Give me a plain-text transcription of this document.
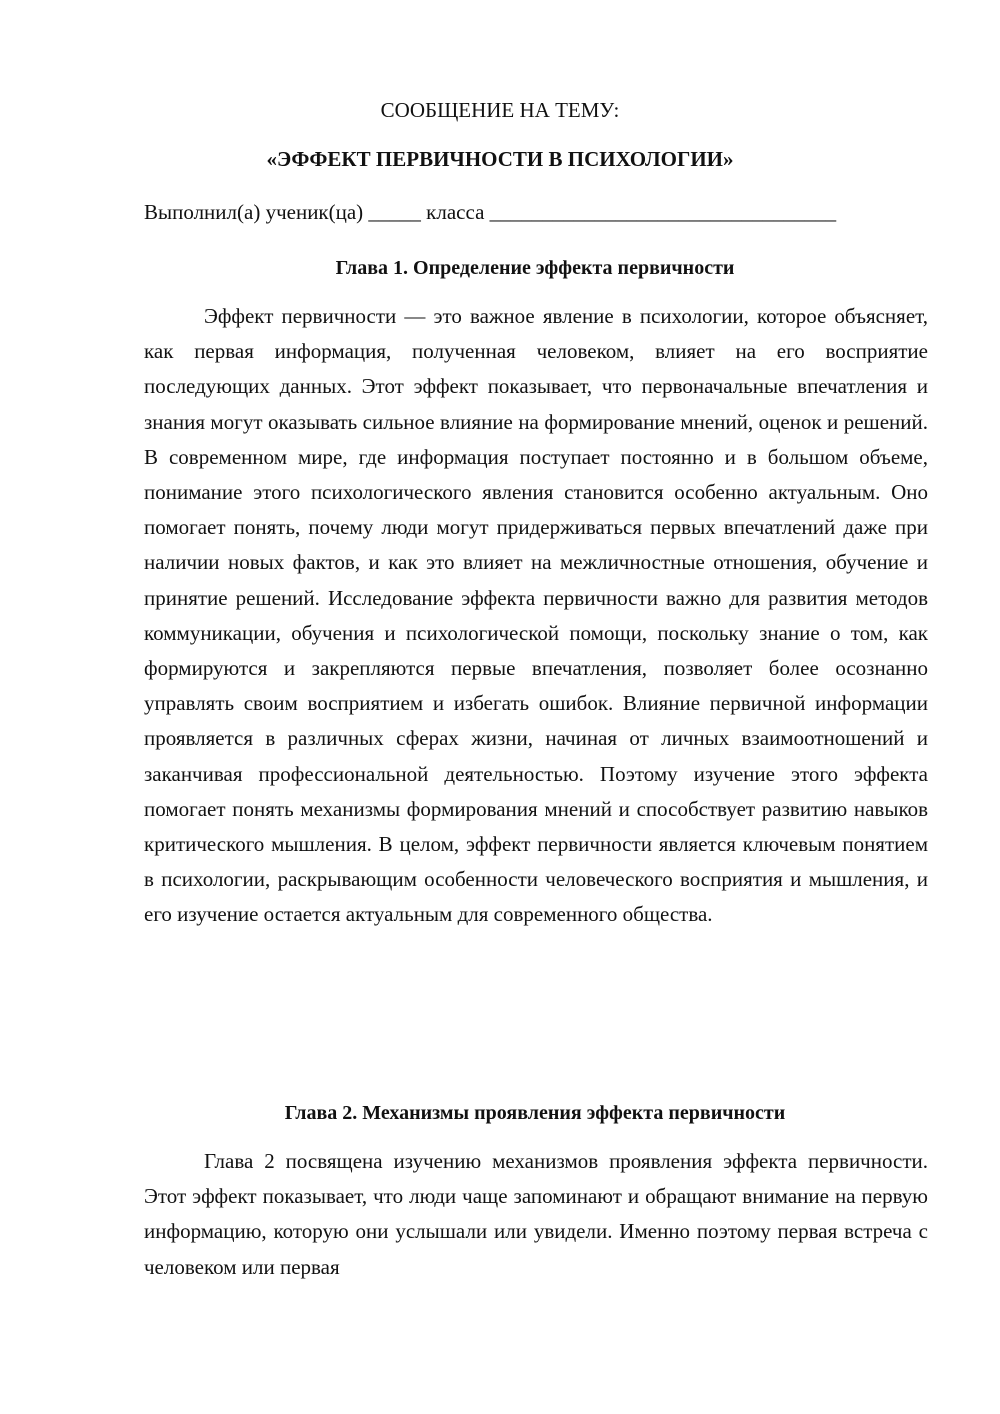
СООБЩЕНИЕ НА ТЕМУ:
«ЭФФЕКТ ПЕРВИЧНОСТИ В ПСИХОЛОГИИ»
Выполнил(а) ученик(ца) _____ класса _________________________________
Глава 1. Определение эффекта первичности

Эффект первичности — это важное явление в психологии, которое объясняет, как первая информация, полученная человеком, влияет на его восприятие последующих данных. Этот эффект показывает, что первоначальные впечатления и знания могут оказывать сильное влияние на формирование мнений, оценок и решений. В современном мире, где информация поступает постоянно и в большом объеме, понимание этого психологического явления становится особенно актуальным. Оно помогает понять, почему люди могут придерживаться первых впечатлений даже при наличии новых фактов, и как это влияет на межличностные отношения, обучение и принятие решений. Исследование эффекта первичности важно для развития методов коммуникации, обучения и психологической помощи, поскольку знание о том, как формируются и закрепляются первые впечатления, позволяет более осознанно управлять своим восприятием и избегать ошибок. Влияние первичной информации проявляется в различных сферах жизни, начиная от личных взаимоотношений и заканчивая профессиональной деятельностью. Поэтому изучение этого эффекта помогает понять механизмы формирования мнений и способствует развитию навыков критического мышления. В целом, эффект первичности является ключевым понятием в психологии, раскрывающим особенности человеческого восприятия и мышления, и его изучение остается актуальным для современного общества.

Глава 2. Механизмы проявления эффекта первичности

Глава 2 посвящена изучению механизмов проявления эффекта первичности. Этот эффект показывает, что люди чаще запоминают и обращают внимание на первую информацию, которую они услышали или увидели. Именно поэтому первая встреча с человеком или первая
